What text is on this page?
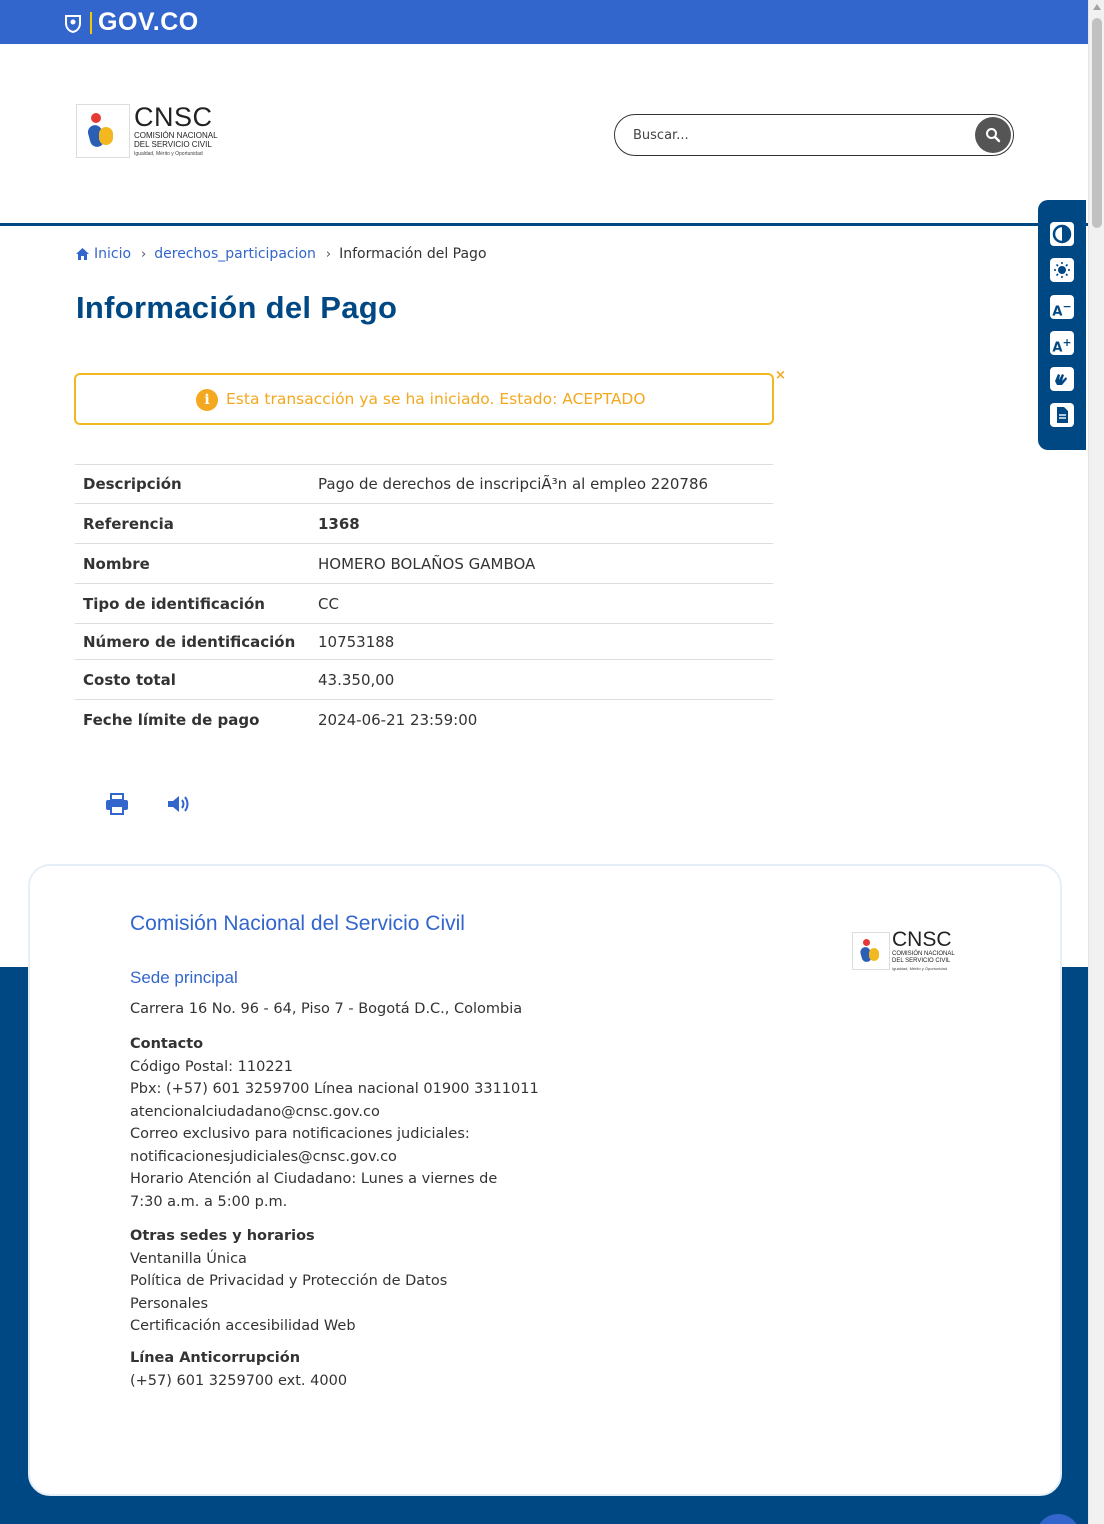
GOV.CO
CNSC
COMISIÓN NACIONAL
DEL SERVICIO CIVIL
Igualdad, Mérito y Oportunidad
Buscar...
A−
A+
Inicio › derechos_participacion › Información del Pago
Información del Pago
i	Esta transacción ya se ha iniciado. Estado: ACEPTADO
×
Descripción	Pago de derechos de inscripciÃ³n al empleo 220786
Referencia	1368
Nombre	HOMERO BOLAÑOS GAMBOA
Tipo de identificación	CC
Número de identificación	10753188
Costo total	43.350,00
Feche límite de pago	2024-06-21 23:59:00
Comisión Nacional del Servicio Civil
Sede principal
Carrera 16 No. 96 - 64, Piso 7 - Bogotá D.C., Colombia
Contacto
Código Postal: 110221
Pbx: (+57) 601 3259700 Línea nacional 01900 3311011
atencionalciudadano@cnsc.gov.co
Correo exclusivo para notificaciones judiciales:
notificacionesjudiciales@cnsc.gov.co
Horario Atención al Ciudadano: Lunes a viernes de
7:30 a.m. a 5:00 p.m.
Otras sedes y horarios
Ventanilla Única
Política de Privacidad y Protección de Datos
Personales
Certificación accesibilidad Web
Línea Anticorrupción
(+57) 601 3259700 ext. 4000
CNSC
COMISIÓN NACIONAL
DEL SERVICIO CIVIL
Igualdad, Mérito y Oportunidad
